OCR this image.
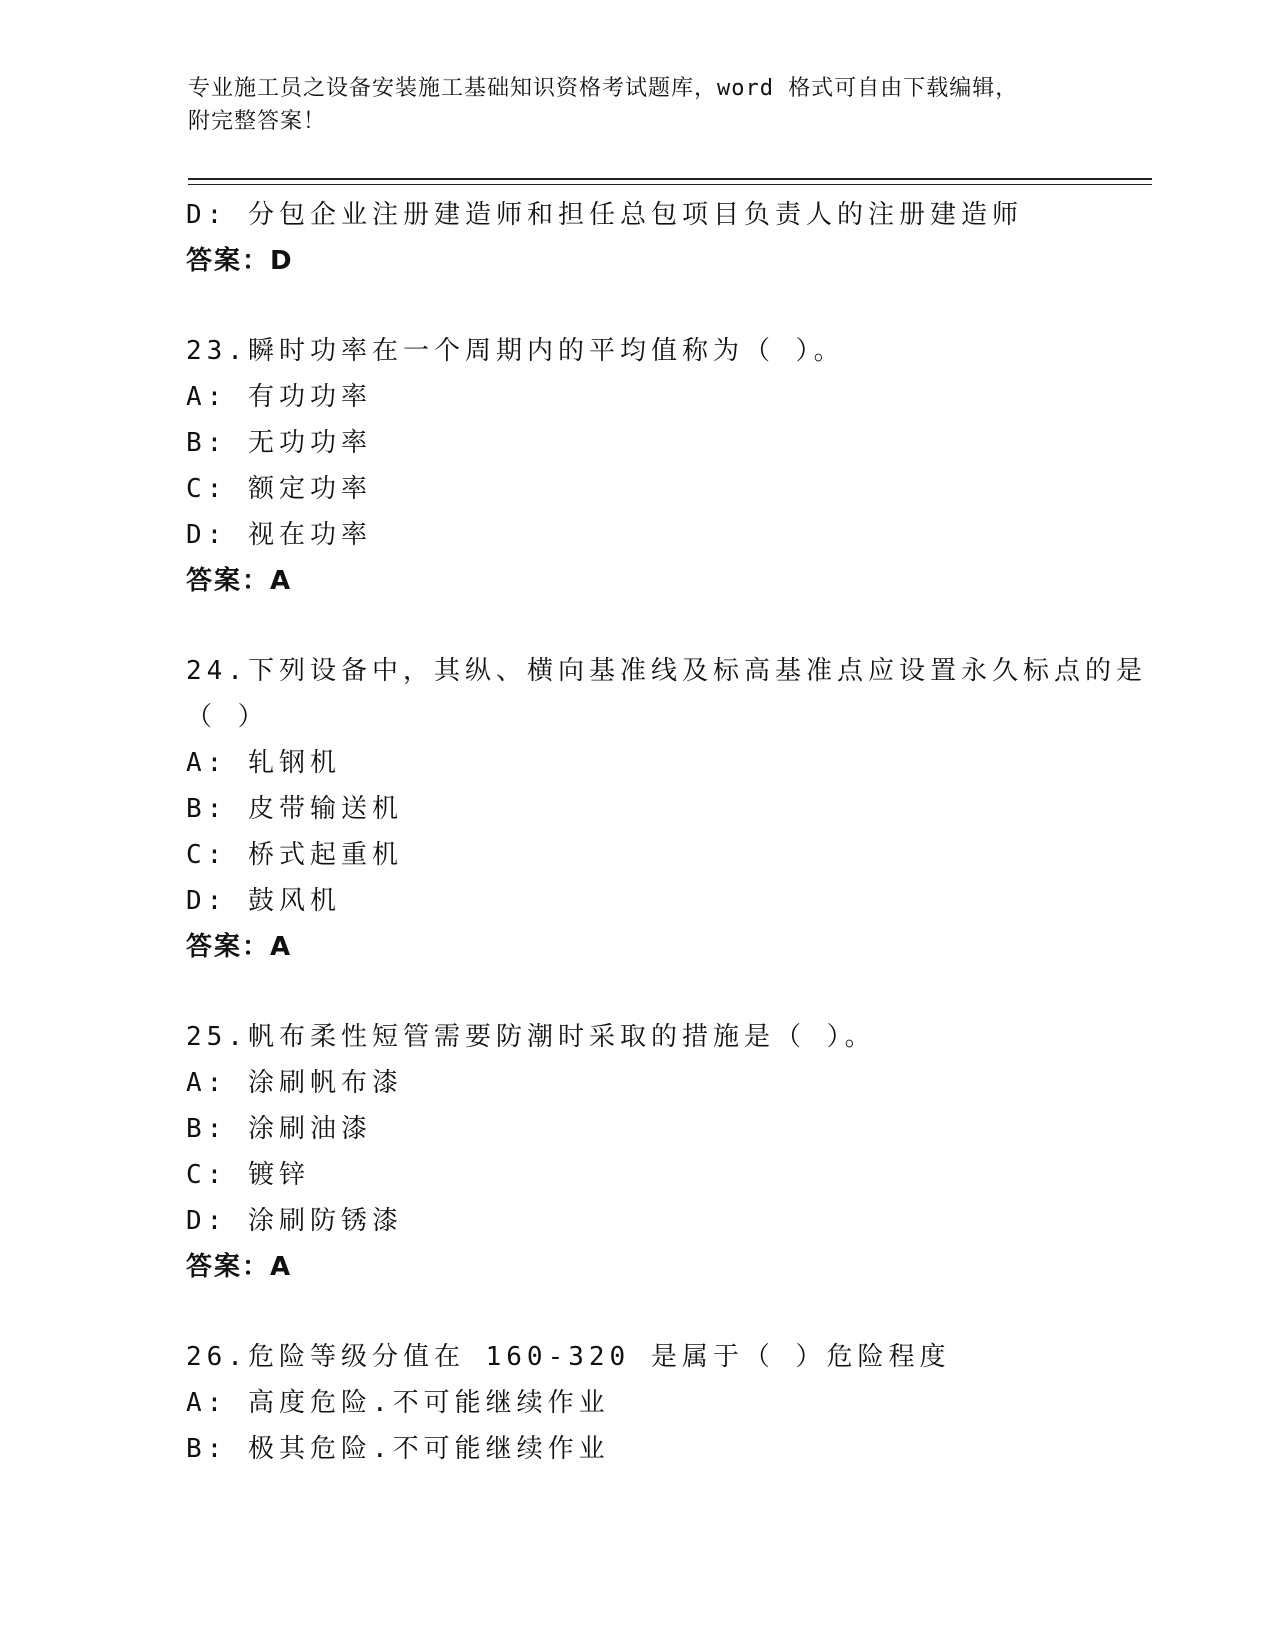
专业施工员之设备安装施工基础知识资格考试题库，word 格式可自由下载编辑，
附完整答案！
D: 分包企业注册建造师和担任总包项目负责人的注册建造师
答案：D
23.瞬时功率在一个周期内的平均值称为（ ）。
A: 有功功率
B: 无功功率
C: 额定功率
D: 视在功率
答案：A
24.下列设备中，其纵、横向基准线及标高基准点应设置永久标点的是
（ ）
A: 轧钢机
B: 皮带输送机
C: 桥式起重机
D: 鼓风机
答案：A
25.帆布柔性短管需要防潮时采取的措施是（ ）。
A: 涂刷帆布漆
B: 涂刷油漆
C: 镀锌
D: 涂刷防锈漆
答案：A
26.危险等级分值在 160-320 是属于（ ）危险程度
A: 高度危险.不可能继续作业
B: 极其危险.不可能继续作业
